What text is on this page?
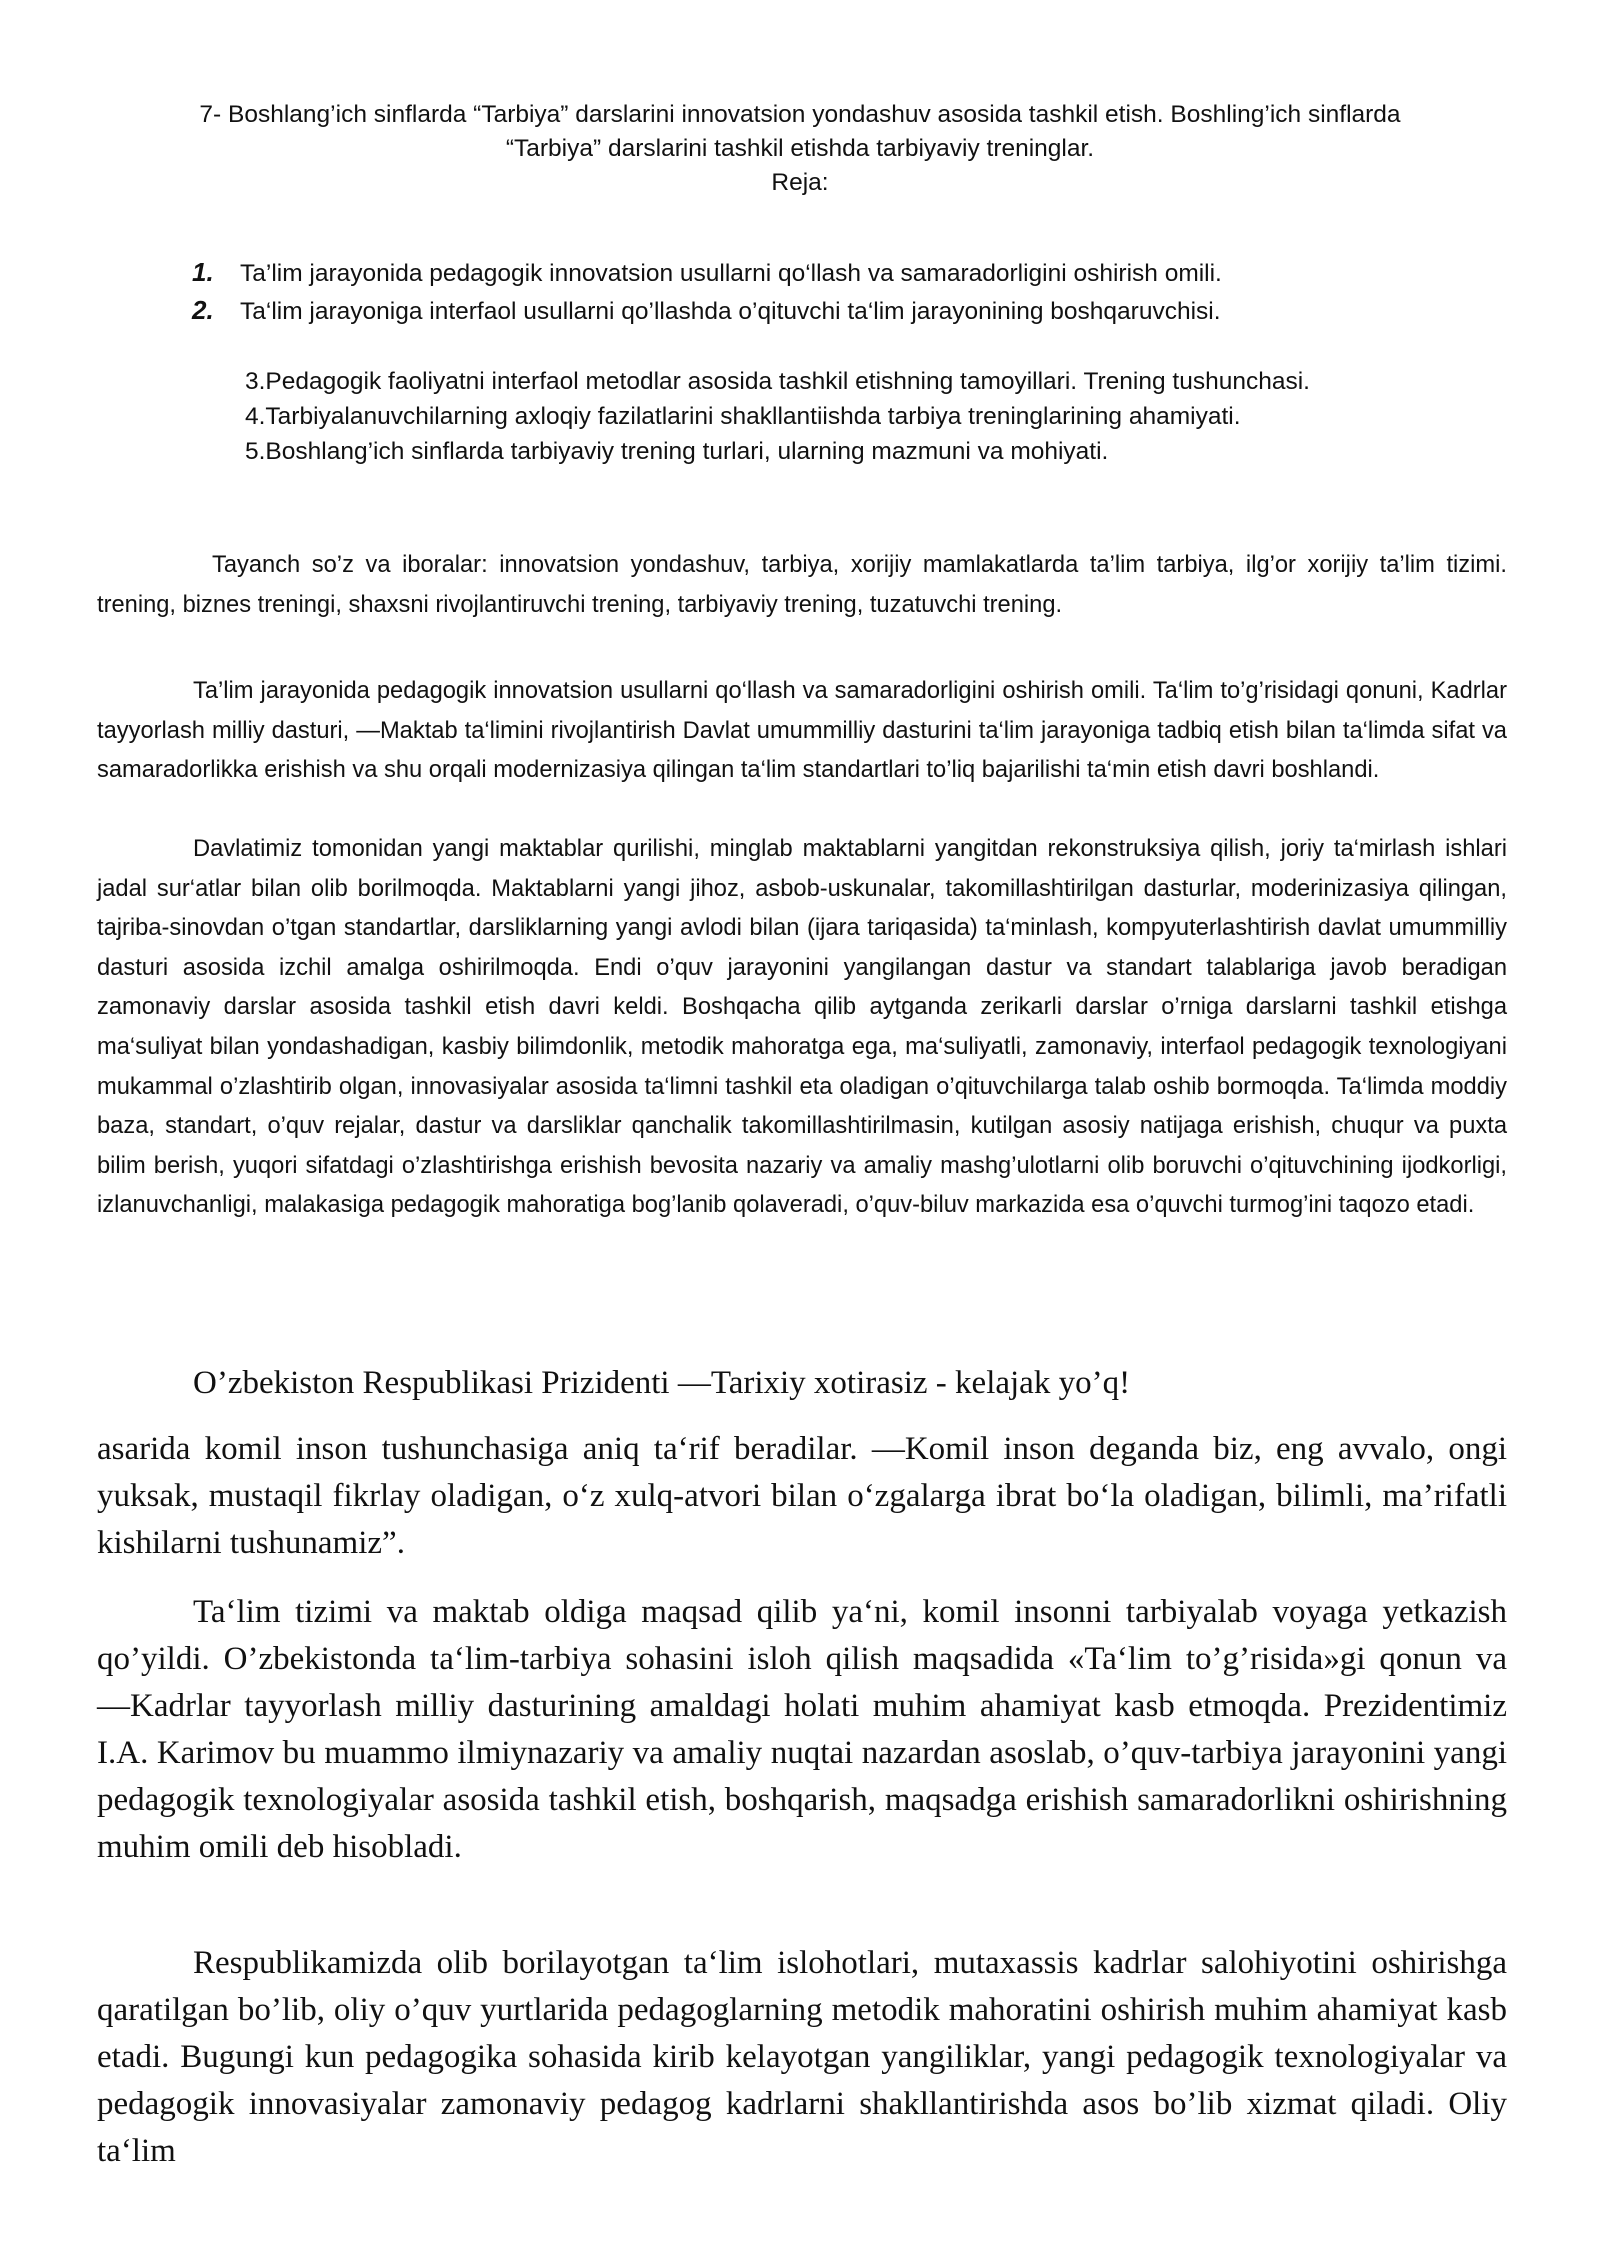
7- Boshlang’ich sinflarda “Tarbiya” darslarini innovatsion yondashuv asosida tashkil etish. Boshling’ich sinflarda
“Tarbiya” darslarini tashkil etishda tarbiyaviy treninglar.
Reja:
1. Ta’lim jarayonida pedagogik innovatsion usullarni qo‘llash va samaradorligini oshirish omili.
2. Ta‘lim jarayoniga interfaol usullarni qo’llashda o’qituvchi ta‘lim jarayonining boshqaruvchisi.
3.Pedagogik faoliyatni interfaol metodlar asosida tashkil etishning tamoyillari. Trening tushunchasi.
4.Tarbiyalanuvchilarning axloqiy fazilatlarini shakllantiishda tarbiya treninglarining ahamiyati.
5.Boshlang’ich sinflarda tarbiyaviy trening turlari, ularning mazmuni va mohiyati.
Tayanch so’z va iboralar: innovatsion yondashuv, tarbiya, xorijiy mamlakatlarda ta’lim tarbiya, ilg’or xorijiy ta’lim tizimi. trening, biznes treningi, shaxsni rivojlantiruvchi trening, tarbiyaviy trening, tuzatuvchi trening.
Ta’lim jarayonida pedagogik innovatsion usullarni qo‘llash va samaradorligini oshirish omili. Ta‘lim to’g’risidagi qonuni, Kadrlar tayyorlash milliy dasturi, ―Maktab ta‘limini rivojlantirish Davlat umummilliy dasturini ta‘lim jarayoniga tadbiq etish bilan ta‘limda sifat va samaradorlikka erishish va shu orqali modernizasiya qilingan ta‘lim standartlari to’liq bajarilishi ta‘min etish davri boshlandi.
Davlatimiz tomonidan yangi maktablar qurilishi, minglab maktablarni yangitdan rekonstruksiya qilish, joriy ta‘mirlash ishlari jadal sur‘atlar bilan olib borilmoqda. Maktablarni yangi jihoz, asbob-uskunalar, takomillashtirilgan dasturlar, moderinizasiya qilingan, tajriba-sinovdan o’tgan standartlar, darsliklarning yangi avlodi bilan (ijara tariqasida) ta‘minlash, kompyuterlashtirish davlat umummilliy dasturi asosida izchil amalga oshirilmoqda. Endi o’quv jarayonini yangilangan dastur va standart talablariga javob beradigan zamonaviy darslar asosida tashkil etish davri keldi. Boshqacha qilib aytganda zerikarli darslar o’rniga darslarni tashkil etishga ma‘suliyat bilan yondashadigan, kasbiy bilimdonlik, metodik mahoratga ega, ma‘suliyatli, zamonaviy, interfaol pedagogik texnologiyani mukammal o’zlashtirib olgan, innovasiyalar asosida ta‘limni tashkil eta oladigan o’qituvchilarga talab oshib bormoqda. Ta‘limda moddiy baza, standart, o’quv rejalar, dastur va darsliklar qanchalik takomillashtirilmasin, kutilgan asosiy natijaga erishish, chuqur va puxta bilim berish, yuqori sifatdagi o’zlashtirishga erishish bevosita nazariy va amaliy mashg’ulotlarni olib boruvchi o’qituvchining ijodkorligi, izlanuvchanligi, malakasiga pedagogik mahoratiga bog’lanib qolaveradi, o’quv-biluv markazida esa o’quvchi turmog’ini taqozo etadi.
O’zbekiston Respublikasi Prizidenti ―Tarixiy xotirasiz - kelajak yo’q!
asarida komil inson tushunchasiga aniq ta‘rif beradilar. ―Komil inson deganda biz, eng avvalo, ongi yuksak, mustaqil fikrlay oladigan, o‘z xulq-atvori bilan o‘zgalarga ibrat bo‘la oladigan, bilimli, ma’rifatli kishilarni tushunamiz”.
Ta‘lim tizimi va maktab oldiga maqsad qilib ya‘ni, komil insonni tarbiyalab voyaga yetkazish qo’yildi. O’zbekistonda ta‘lim-tarbiya sohasini isloh qilish maqsadida «Ta‘lim to’g’risida»gi qonun va ―Kadrlar tayyorlash milliy dasturining amaldagi holati muhim ahamiyat kasb etmoqda. Prezidentimiz I.A. Karimov bu muammo ilmiynazariy va amaliy nuqtai nazardan asoslab, o’quv-tarbiya jarayonini yangi pedagogik texnologiyalar asosida tashkil etish, boshqarish, maqsadga erishish samaradorlikni oshirishning muhim omili deb hisobladi.
Respublikamizda olib borilayotgan ta‘lim islohotlari, mutaxassis kadrlar salohiyotini oshirishga qaratilgan bo’lib, oliy o’quv yurtlarida pedagoglarning metodik mahoratini oshirish muhim ahamiyat kasb etadi. Bugungi kun pedagogika sohasida kirib kelayotgan yangiliklar, yangi pedagogik texnologiyalar va pedagogik innovasiyalar zamonaviy pedagog kadrlarni shakllantirishda asos bo’lib xizmat qiladi. Oliy ta‘lim
